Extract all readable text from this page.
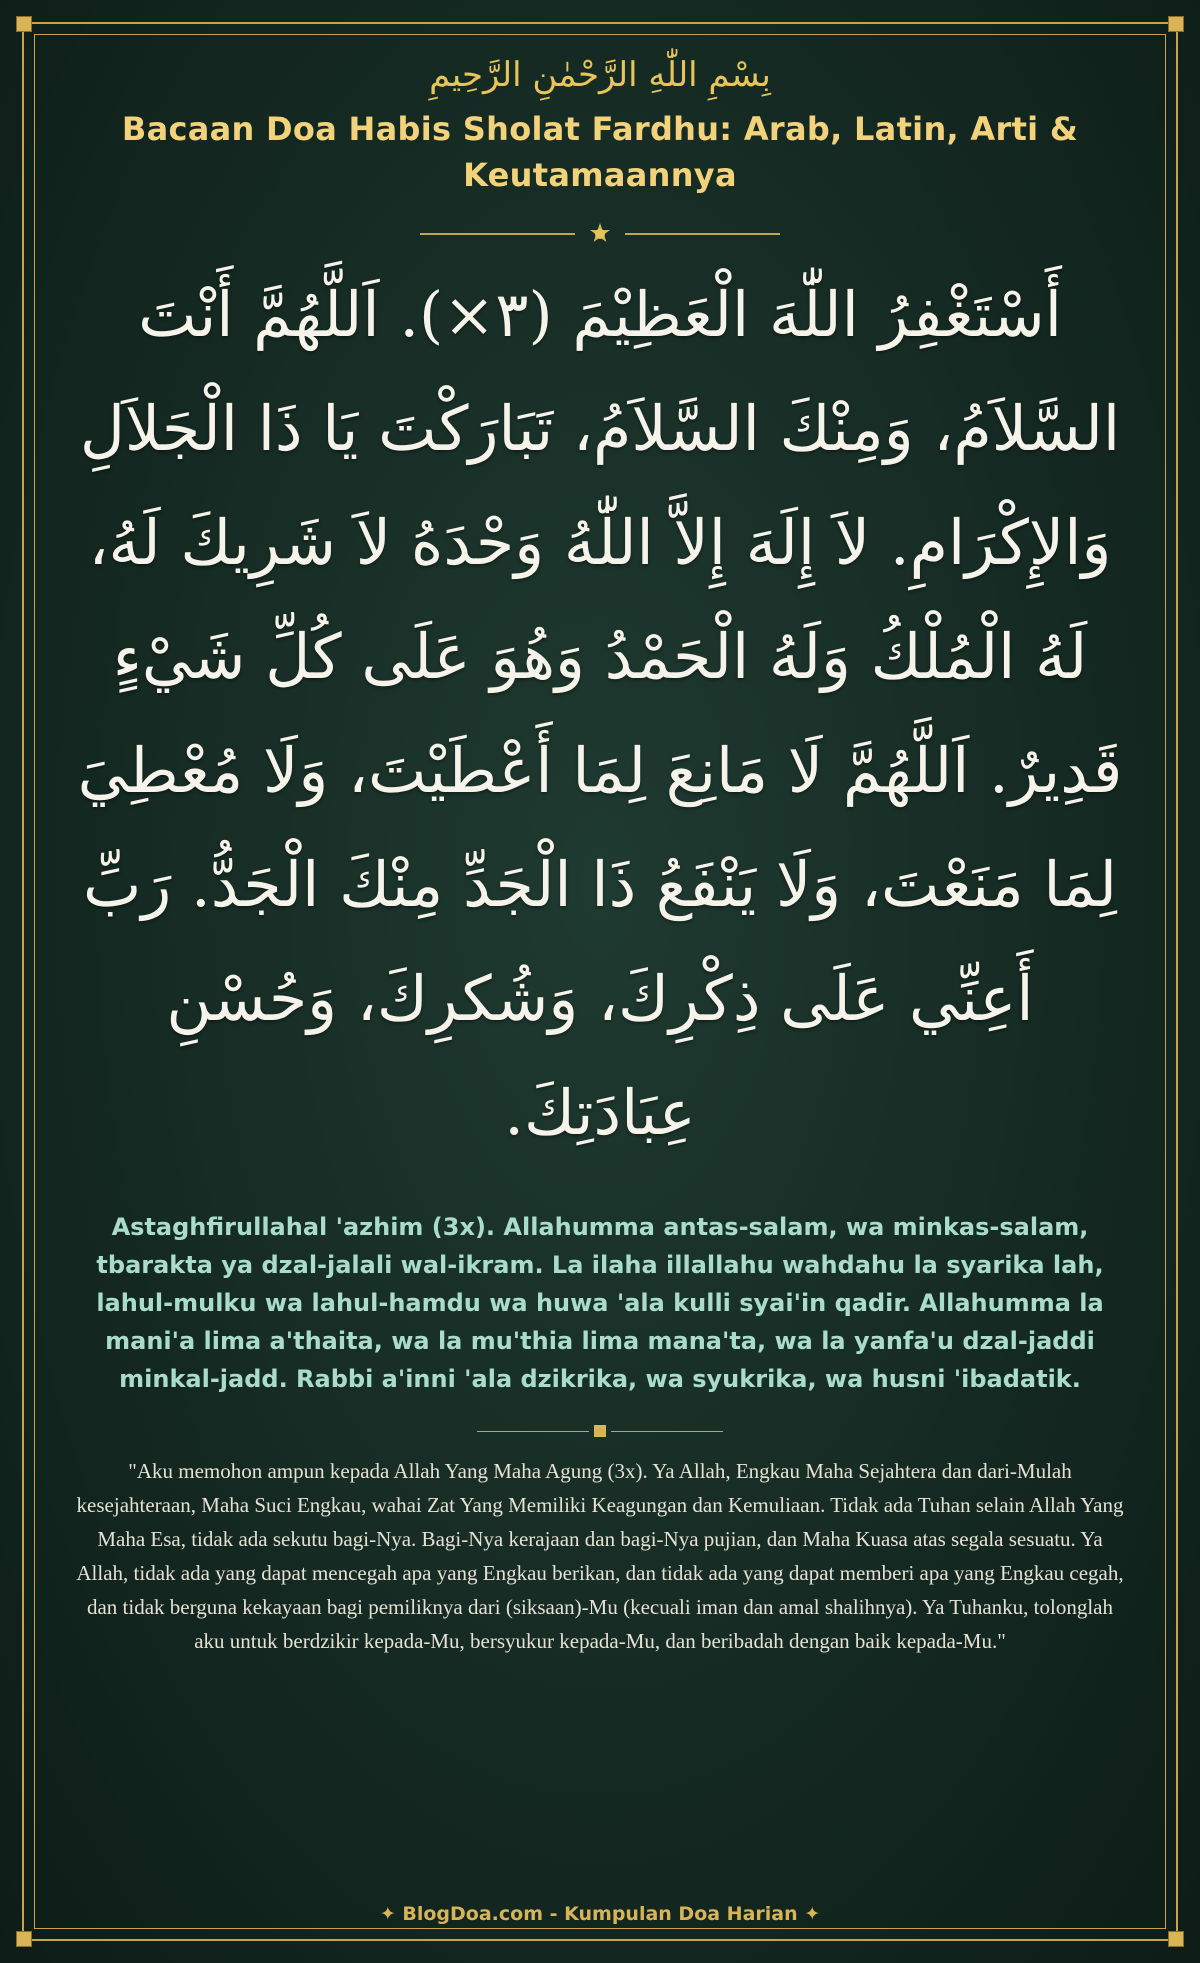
بِسْمِ اللّٰهِ الرَّحْمٰنِ الرَّحِيمِ
Bacaan Doa Habis Sholat Fardhu: Arab, Latin, Arti & Keutamaannya
أَسْتَغْفِرُ اللّٰهَ الْعَظِيْمَ (٣×). اَللَّهُمَّ أَنْتَ السَّلاَمُ، وَمِنْكَ السَّلاَمُ، تَبَارَكْتَ يَا ذَا الْجَلاَلِ وَالإِكْرَامِ. لاَ إِلَهَ إِلاَّ اللّٰهُ وَحْدَهُ لاَ شَرِيكَ لَهُ، لَهُ الْمُلْكُ وَلَهُ الْحَمْدُ وَهُوَ عَلَى كُلِّ شَيْءٍ قَدِيرٌ. اَللَّهُمَّ لَا مَانِعَ لِمَا أَعْطَيْتَ، وَلَا مُعْطِيَ لِمَا مَنَعْتَ، وَلَا يَنْفَعُ ذَا الْجَدِّ مِنْكَ الْجَدُّ. رَبِّ أَعِنِّي عَلَى ذِكْرِكَ، وَشُكرِكَ، وَحُسْنِ عِبَادَتِكَ.
Astaghfirullahal 'azhim (3x). Allahumma antas-salam, wa minkas-salam, tbarakta ya dzal-jalali wal-ikram. La ilaha illallahu wahdahu la syarika lah, lahul-mulku wa lahul-hamdu wa huwa 'ala kulli syai'in qadir. Allahumma la mani'a lima a'thaita, wa la mu'thia lima mana'ta, wa la yanfa'u dzal-jaddi minkal-jadd. Rabbi a'inni 'ala dzikrika, wa syukrika, wa husni 'ibadatik.
"Aku memohon ampun kepada Allah Yang Maha Agung (3x). Ya Allah, Engkau Maha Sejahtera dan dari-Mulah kesejahteraan, Maha Suci Engkau, wahai Zat Yang Memiliki Keagungan dan Kemuliaan. Tidak ada Tuhan selain Allah Yang Maha Esa, tidak ada sekutu bagi-Nya. Bagi-Nya kerajaan dan bagi-Nya pujian, dan Maha Kuasa atas segala sesuatu. Ya Allah, tidak ada yang dapat mencegah apa yang Engkau berikan, dan tidak ada yang dapat memberi apa yang Engkau cegah, dan tidak berguna kekayaan bagi pemiliknya dari (siksaan)-Mu (kecuali iman dan amal shalihnya). Ya Tuhanku, tolonglah aku untuk berdzikir kepada-Mu, bersyukur kepada-Mu, dan beribadah dengan baik kepada-Mu."
✦ BlogDoa.com - Kumpulan Doa Harian ✦
